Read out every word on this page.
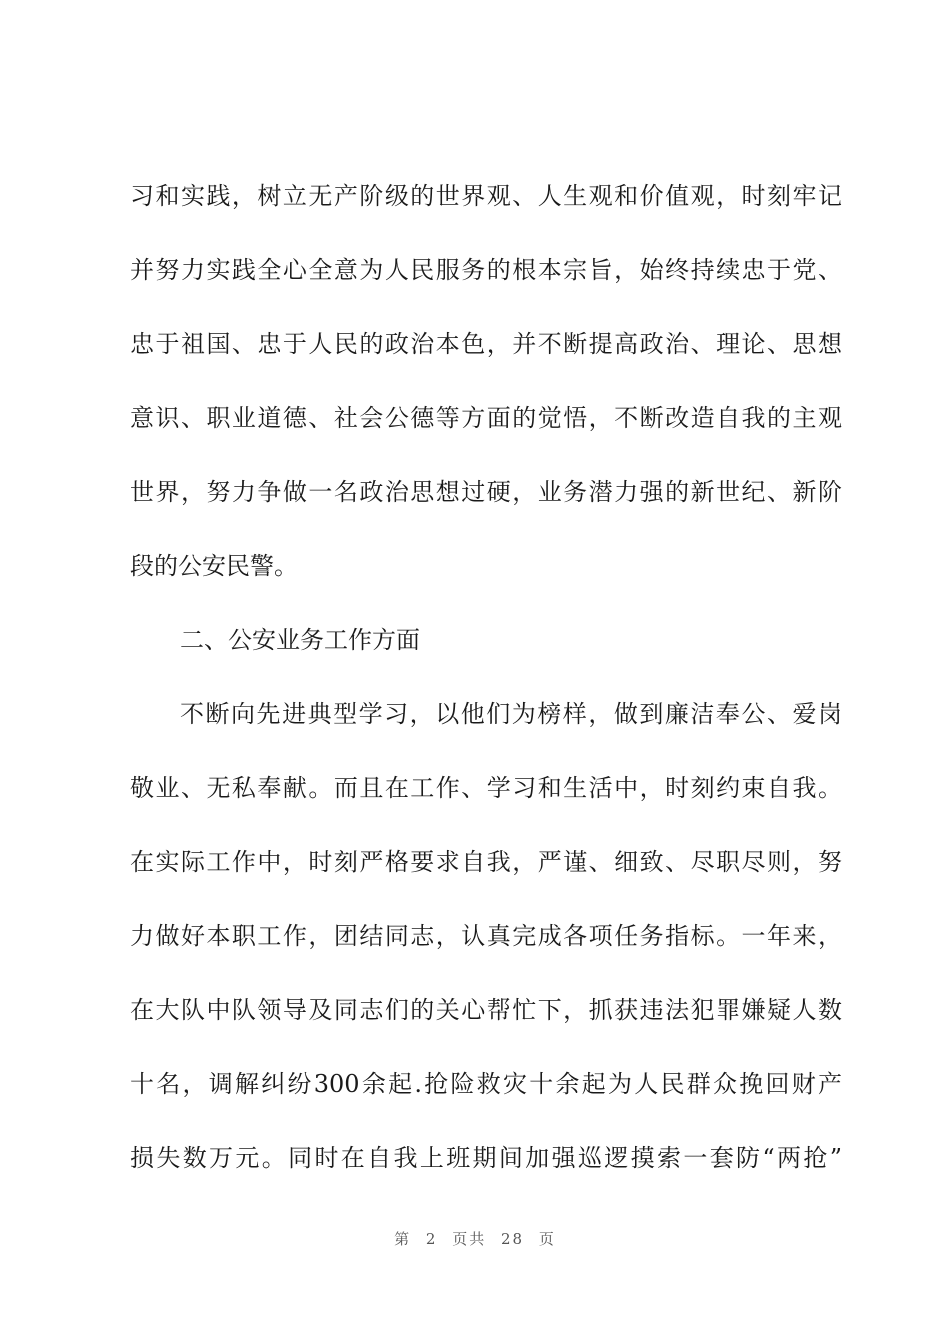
习和实践，树立无产阶级的世界观、人生观和价值观，时刻牢记
并努力实践全心全意为人民服务的根本宗旨，始终持续忠于党、
忠于祖国、忠于人民的政治本色，并不断提高政治、理论、思想
意识、职业道德、社会公德等方面的觉悟，不断改造自我的主观
世界，努力争做一名政治思想过硬，业务潜力强的新世纪、新阶
段的公安民警。
二、公安业务工作方面
不断向先进典型学习，以他们为榜样，做到廉洁奉公、爱岗
敬业、无私奉献。而且在工作、学习和生活中，时刻约束自我。
在实际工作中，时刻严格要求自我，严谨、细致、尽职尽则，努
力做好本职工作，团结同志，认真完成各项任务指标。一年来，
在大队中队领导及同志们的关心帮忙下，抓获违法犯罪嫌疑人数
十名，调解纠纷300余起.抢险救灾十余起为人民群众挽回财产
损失数万元。同时在自我上班期间加强巡逻摸索一套防“两抢”
第 2 页共 28 页
